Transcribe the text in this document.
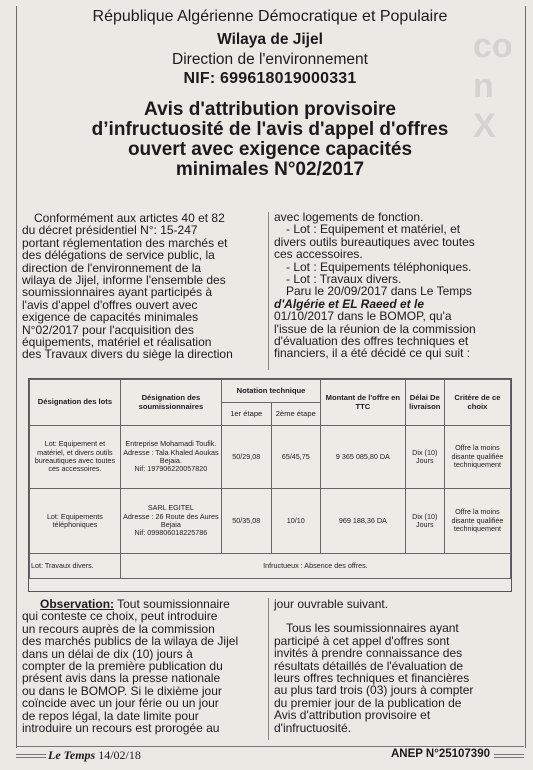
co
n
X
République Algérienne Démocratique et Populaire
Wilaya de Jijel
Direction de l'environnement
NIF: 699618019000331
Avis d'attribution provisoire
d’infructuosité de l'avis d'appel d'offres
ouvert avec exigence capacités
minimales N°02/2017
Conformément aux artictes 40 et 82
du décret présidentiel N°: 15-247
portant réglementation des marchés et
des délégations de service public, la
direction de l'environnement de la
wilaya de Jijel, informe l'ensemble des
soumissionnaires ayant participés à
l'avis d'appel d'offres ouvert avec
exigence de capacités minimales
N°02/2017 pour l'acquisition des
équipements, matériel et réalisation
des Travaux divers du siège la direction
avec logements de fonction.
- Lot : Equipement et matériel, et
divers outils bureautiques avec toutes
ces accessoires.
- Lot : Equipements téléphoniques.
- Lot : Travaux divers.
Paru le 20/09/2017 dans Le Temps
d'Algérie et EL Raeed et le
01/10/2017 dans le BOMOP, qu'a
l'issue de la réunion de la commission
d'évaluation des offres techniques et
financiers, il a été décidé ce qui suit :
Désignation des lots	Désignation des soumissionnaires	Notation technique		Montant de l'offre en TTC	Délai De livraison	Critère de ce choix
		1er étape	2ème étape			
Lot: Equipement et matériel, et divers outils bureautiques avec toutes ces accessoires.	Entreprise Mohamadi Toufik.
Adresse : Tala Khaled Aoukas Bejaia.
Nif: 197906220057820	50/29,08	65/45,75	9 365 085,80 DA	Dix (10) Jours	Offre la moins disante qualifiée techniquement
Lot: Equipements téléphoniques	SARL EGITEL
Adresse : 26 Route des Aures Bejaia
Nif: 099806018225786	50/35,08	10/10	969 188,36 DA	Dix (10) Jours	Offre la moins disante qualifiée techniquement
Lot: Travaux divers.	Infructueux : Absence des offres.					
Observation: Tout soumissionnaire
qui conteste ce choix, peut introduire
un recours auprès de la commission
des marchés publics de la wilaya de Jijel
dans un délai de dix (10) jours à
compter de la première publication du
présent avis dans la presse nationale
ou dans le BOMOP. Si le dixième jour
coïncide avec un jour férie ou un jour
de repos légal, la date limite pour
introduire un recours est prorogée au
jour ouvrable suivant.
Tous les soumissionnaires ayant
participé à cet appel d'offres sont
invités à prendre connaissance des
résultats détaillés de l'évaluation de
leurs offres techniques et financières
au plus tard trois (03) jours à compter
du premier jour de la publication de
Avis d'attribution provisoire et
d'infructuosité.
Le Temps 14/02/18	ANEP N°25107390
